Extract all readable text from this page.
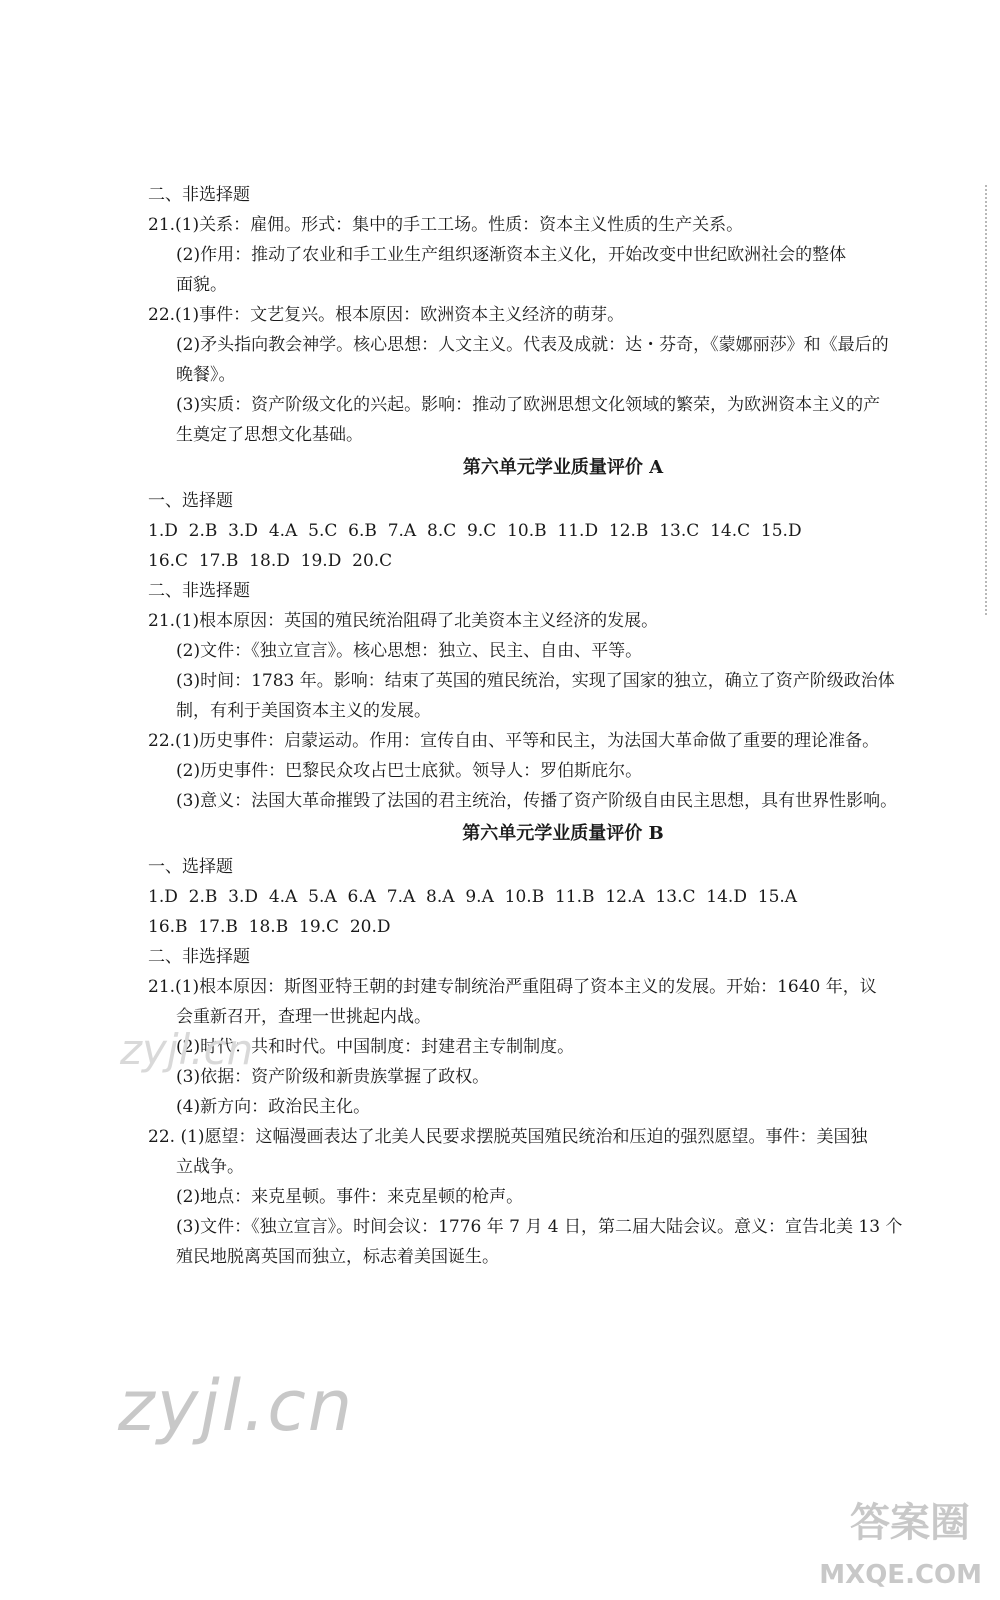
二、非选择题
21.(1)关系：雇佣。形式：集中的手工工场。性质：资本主义性质的生产关系。
(2)作用：推动了农业和手工业生产组织逐渐资本主义化，开始改变中世纪欧洲社会的整体
面貌。
22.(1)事件：文艺复兴。根本原因：欧洲资本主义经济的萌芽。
(2)矛头指向教会神学。核心思想：人文主义。代表及成就：达・芬奇，《蒙娜丽莎》和《最后的
晚餐》。
(3)实质：资产阶级文化的兴起。影响：推动了欧洲思想文化领域的繁荣，为欧洲资本主义的产
生奠定了思想文化基础。
第六单元学业质量评价 A
一、选择题
1.D  2.B  3.D  4.A  5.C  6.B  7.A  8.C  9.C  10.B  11.D  12.B  13.C  14.C  15.D
16.C  17.B  18.D  19.D  20.C
二、非选择题
21.(1)根本原因：英国的殖民统治阻碍了北美资本主义经济的发展。
(2)文件：《独立宣言》。核心思想：独立、民主、自由、平等。
(3)时间：1783 年。影响：结束了英国的殖民统治，实现了国家的独立，确立了资产阶级政治体
制，有利于美国资本主义的发展。
22.(1)历史事件：启蒙运动。作用：宣传自由、平等和民主，为法国大革命做了重要的理论准备。
(2)历史事件：巴黎民众攻占巴士底狱。领导人：罗伯斯庇尔。
(3)意义：法国大革命摧毁了法国的君主统治，传播了资产阶级自由民主思想，具有世界性影响。
第六单元学业质量评价 B
一、选择题
1.D  2.B  3.D  4.A  5.A  6.A  7.A  8.A  9.A  10.B  11.B  12.A  13.C  14.D  15.A
16.B  17.B  18.B  19.C  20.D
二、非选择题
21.(1)根本原因：斯图亚特王朝的封建专制统治严重阻碍了资本主义的发展。开始：1640 年，议
会重新召开，查理一世挑起内战。
(2)时代：共和时代。中国制度：封建君主专制制度。
(3)依据：资产阶级和新贵族掌握了政权。
(4)新方向：政治民主化。
22. (1)愿望：这幅漫画表达了北美人民要求摆脱英国殖民统治和压迫的强烈愿望。事件：美国独
立战争。
(2)地点：来克星顿。事件：来克星顿的枪声。
(3)文件：《独立宣言》。时间会议：1776 年 7 月 4 日，第二届大陆会议。意义：宣告北美 13 个
殖民地脱离英国而独立，标志着美国诞生。
zyjl.cn
zyjl.cn
答案圈
MXQE.COM
